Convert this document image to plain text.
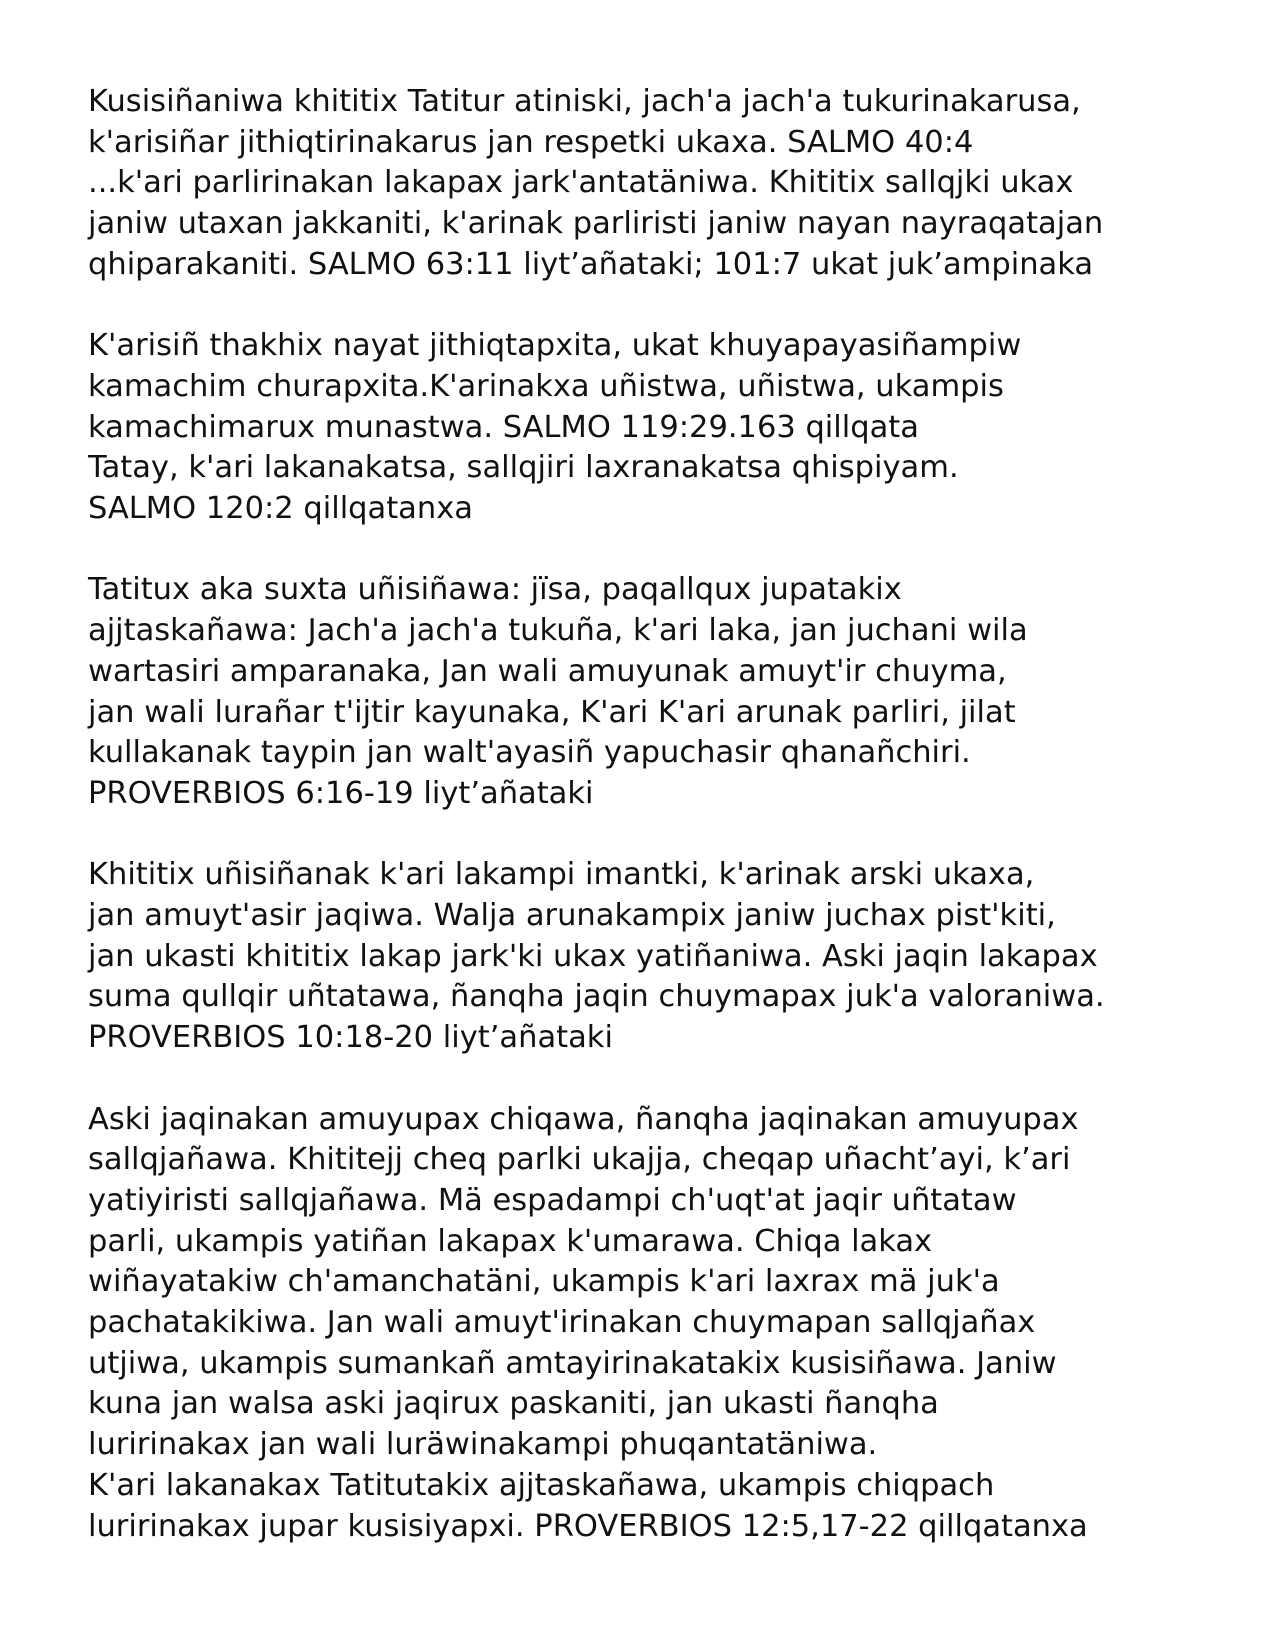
Kusisiñaniwa khititix Tatitur atiniski, jach'a jach'a tukurinakarusa,
k'arisiñar jithiqtirinakarus jan respetki ukaxa. SALMO 40:4
...k'ari parlirinakan lakapax jark'antatäniwa. Khititix sallqjki ukax
janiw utaxan jakkaniti, k'arinak parliristi janiw nayan nayraqatajan
qhiparakaniti. SALMO 63:11 liyt’añataki; 101:7 ukat juk’ampinaka

K'arisiñ thakhix nayat jithiqtapxita, ukat khuyapayasiñampiw
kamachim churapxita.K'arinakxa uñistwa, uñistwa, ukampis
kamachimarux munastwa. SALMO 119:29.163 qillqata
Tatay, k'ari lakanakatsa, sallqjiri laxranakatsa qhispiyam.
SALMO 120:2 qillqatanxa

Tatitux aka suxta uñisiñawa: jïsa, paqallqux jupatakix
ajjtaskañawa: Jach'a jach'a tukuña, k'ari laka, jan juchani wila
wartasiri amparanaka, Jan wali amuyunak amuyt'ir chuyma,
jan wali lurañar t'ijtir kayunaka, K'ari K'ari arunak parliri, jilat
kullakanak taypin jan walt'ayasiñ yapuchasir qhanañchiri.
PROVERBIOS 6:16-19 liyt’añataki

Khititix uñisiñanak k'ari lakampi imantki, k'arinak arski ukaxa,
jan amuyt'asir jaqiwa. Walja arunakampix janiw juchax pist'kiti,
jan ukasti khititix lakap jark'ki ukax yatiñaniwa. Aski jaqin lakapax
suma qullqir uñtatawa, ñanqha jaqin chuymapax juk'a valoraniwa.
PROVERBIOS 10:18-20 liyt’añataki

Aski jaqinakan amuyupax chiqawa, ñanqha jaqinakan amuyupax
sallqjañawa. Khititejj cheq parlki ukajja, cheqap uñacht’ayi, k’ari
yatiyiristi sallqjañawa. Mä espadampi ch'uqt'at jaqir uñtataw
parli, ukampis yatiñan lakapax k'umarawa. Chiqa lakax
wiñayatakiw ch'amanchatäni, ukampis k'ari laxrax mä juk'a
pachatakikiwa. Jan wali amuyt'irinakan chuymapan sallqjañax
utjiwa, ukampis sumankañ amtayirinakatakix kusisiñawa. Janiw
kuna jan walsa aski jaqirux paskaniti, jan ukasti ñanqha
luririnakax jan wali luräwinakampi phuqantatäniwa.
K'ari lakanakax Tatitutakix ajjtaskañawa, ukampis chiqpach
luririnakax jupar kusisiyapxi. PROVERBIOS 12:5,17-22 qillqatanxa
